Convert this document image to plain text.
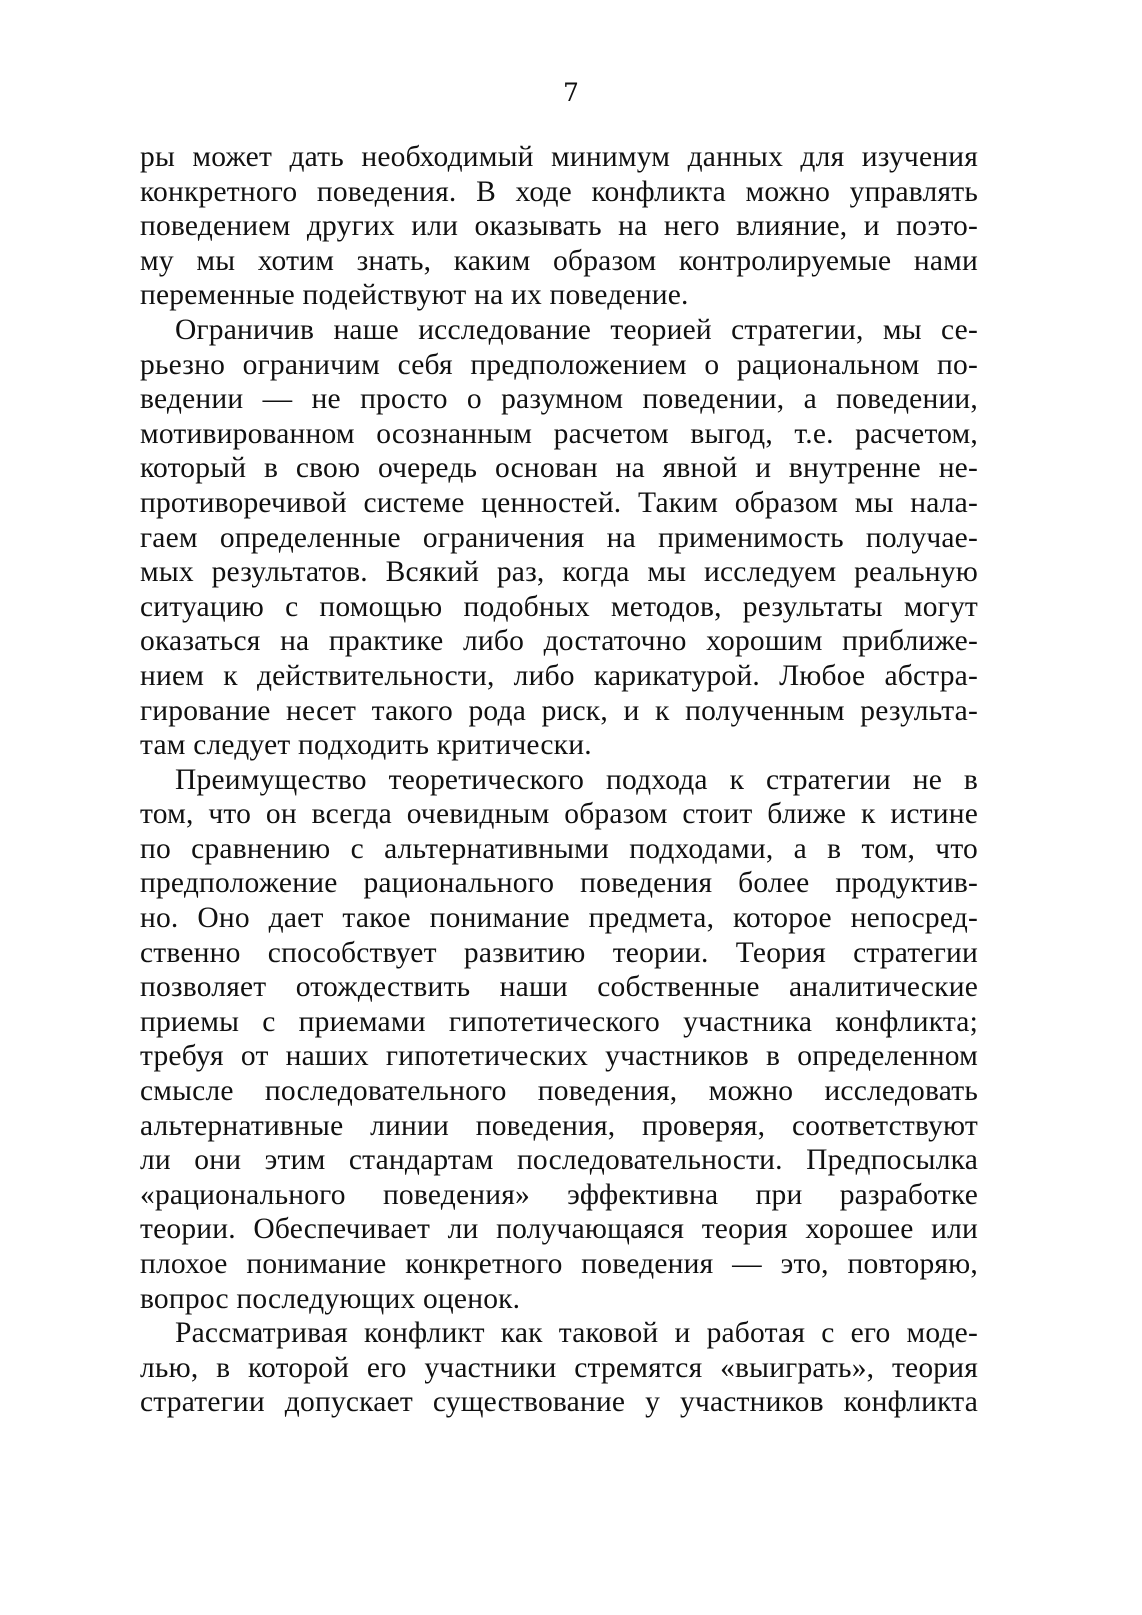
7
ры может дать необходимый минимум данных для изучения
конкретного поведения. В ходе конфликта можно управлять
поведением других или оказывать на него влияние, и поэто-
му мы хотим знать, каким образом контролируемые нами
переменные подействуют на их поведение.
Ограничив наше исследование теорией стратегии, мы се-
рьезно ограничим себя предположением о рациональном по-
ведении — не просто о разумном поведении, а поведении,
мотивированном осознанным расчетом выгод, т.е. расчетом,
который в свою очередь основан на явной и внутренне не-
противоречивой системе ценностей. Таким образом мы нала-
гаем определенные ограничения на применимость получае-
мых результатов. Всякий раз, когда мы исследуем реальную
ситуацию с помощью подобных методов, результаты могут
оказаться на практике либо достаточно хорошим приближе-
нием к действительности, либо карикатурой. Любое абстра-
гирование несет такого рода риск, и к полученным результа-
там следует подходить критически.
Преимущество теоретического подхода к стратегии не в
том, что он всегда очевидным образом стоит ближе к истине
по сравнению с альтернативными подходами, а в том, что
предположение рационального поведения более продуктив-
но. Оно дает такое понимание предмета, которое непосред-
ственно способствует развитию теории. Теория стратегии
позволяет отождествить наши собственные аналитические
приемы с приемами гипотетического участника конфликта;
требуя от наших гипотетических участников в определенном
смысле последовательного поведения, можно исследовать
альтернативные линии поведения, проверяя, соответствуют
ли они этим стандартам последовательности. Предпосылка
«рационального поведения» эффективна при разработке
теории. Обеспечивает ли получающаяся теория хорошее или
плохое понимание конкретного поведения — это, повторяю,
вопрос последующих оценок.
Рассматривая конфликт как таковой и работая с его моде-
лью, в которой его участники стремятся «выиграть», теория
стратегии допускает существование у участников конфликта
